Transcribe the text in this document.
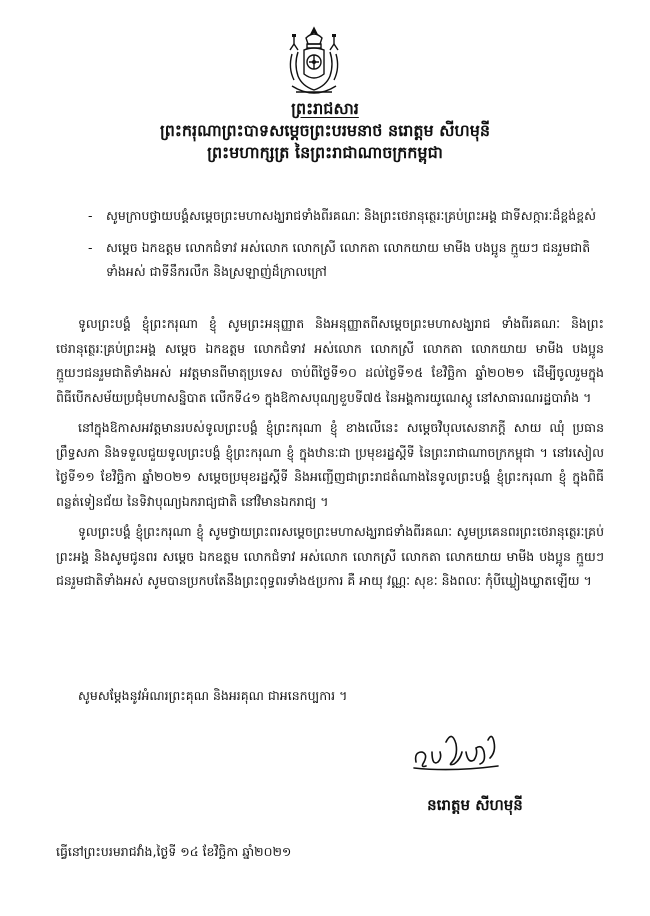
ព្រះរាជសារ
ព្រះករុណាព្រះបាទសម្តេចព្រះបរមនាថ នរោត្តម សីហមុនី
ព្រះមហាក្សត្រ នៃព្រះរាជាណាចក្រកម្ពុជា
-	សូមក្រាបថ្វាយបង្គំសម្តេចព្រះមហាសង្ឃរាជទាំងពីរគណៈ និងព្រះថេរានុត្ថេរៈគ្រប់ព្រះអង្គ ជាទីសក្ការៈដ៏ខ្ពង់ខ្ពស់
-	សម្តេច ឯកឧត្តម លោកជំទាវ អស់លោក លោកស្រី លោកតា លោកយាយ មាមីង បងប្អូន ក្មួយៗ ជនរួមជាតិទាំងអស់ ជាទីនឹករលឹក និងស្រឡាញ់ដ៏ក្រាលក្រៅ

ទូលព្រះបង្គំ ខ្ញុំព្រះករុណា ខ្ញុំ សូមព្រះអនុញ្ញាត និងអនុញ្ញាតពីសម្តេចព្រះមហាសង្ឃរាជ ទាំងពីរគណៈ និងព្រះថេរានុត្ថេរៈគ្រប់ព្រះអង្គ សម្តេច ឯកឧត្តម លោកជំទាវ អស់លោក លោកស្រី លោកតា លោកយាយ មាមីង បងប្អូន ក្មួយៗជនរួមជាតិទាំងអស់ អវត្តមានពីមាតុប្រទេស ចាប់ពីថ្ងៃទី១០ ដល់ថ្ងៃទី១៥ ខែវិច្ឆិកា ឆ្នាំ២០២១ ដើម្បីចូលរួមក្នុងពិធីបើកសម័យប្រជុំមហាសន្និបាត លើកទី៤១ ក្នុងឱកាសបុណ្យខួបទី៧៥ នៃអង្គការយូណេស្កូ នៅសាធារណរដ្ឋបារាំង ។

នៅក្នុងឱកាសអវត្តមានរបស់ទូលព្រះបង្គំ ខ្ញុំព្រះករុណា ខ្ញុំ ខាងលើនេះ សម្តេចវិបុលសេនាភក្តី សាយ ឈុំ ប្រធានព្រឹទ្ធសភា និងទទួលជួយទូលព្រះបង្គំ ខ្ញុំព្រះករុណា ខ្ញុំ ក្នុងឋានៈជា ប្រមុខរដ្ឋស្តីទី នៃព្រះរាជាណាចក្រកម្ពុជា ។ នៅរសៀលថ្ងៃទី១១ ខែវិច្ឆិកា ឆ្នាំ២០២១ សម្តេចប្រមុខរដ្ឋស្តីទី និងអញ្ជើញជាព្រះរាជតំណាងនៃទូលព្រះបង្គំ ខ្ញុំព្រះករុណា ខ្ញុំ ក្នុងពិធីពន្លត់ទៀនជ័យ នៃទិវាបុណ្យឯករាជ្យជាតិ នៅវិមានឯករាជ្យ ។

ទូលព្រះបង្គំ ខ្ញុំព្រះករុណា ខ្ញុំ សូមថ្វាយព្រះពរសម្តេចព្រះមហាសង្ឃរាជទាំងពីរគណៈ សូមប្រគេនពរព្រះថេរានុត្ថេរៈគ្រប់ព្រះអង្គ និងសូមជូនពរ សម្តេច ឯកឧត្តម លោកជំទាវ អស់លោក លោកស្រី លោកតា លោកយាយ មាមីង បងប្អូន ក្មួយៗ ជនរួមជាតិទាំងអស់ សូមបានប្រកបតែនឹងព្រះពុទ្ធពរទាំង៥ប្រការ គឺ អាយុ វណ្ណៈ សុខៈ និងពលៈ កុំបីឃ្លៀងឃ្លាតឡើយ ។

សូមសម្តែងនូវអំណរព្រះគុណ និងអរគុណ ជាអនេកប្បការ ។
នរោត្តម សីហមុនី
ធ្វើនៅព្រះបរមរាជវាំង,ថ្ងៃទី ១៤ ខែវិច្ឆិកា ឆ្នាំ២០២១
